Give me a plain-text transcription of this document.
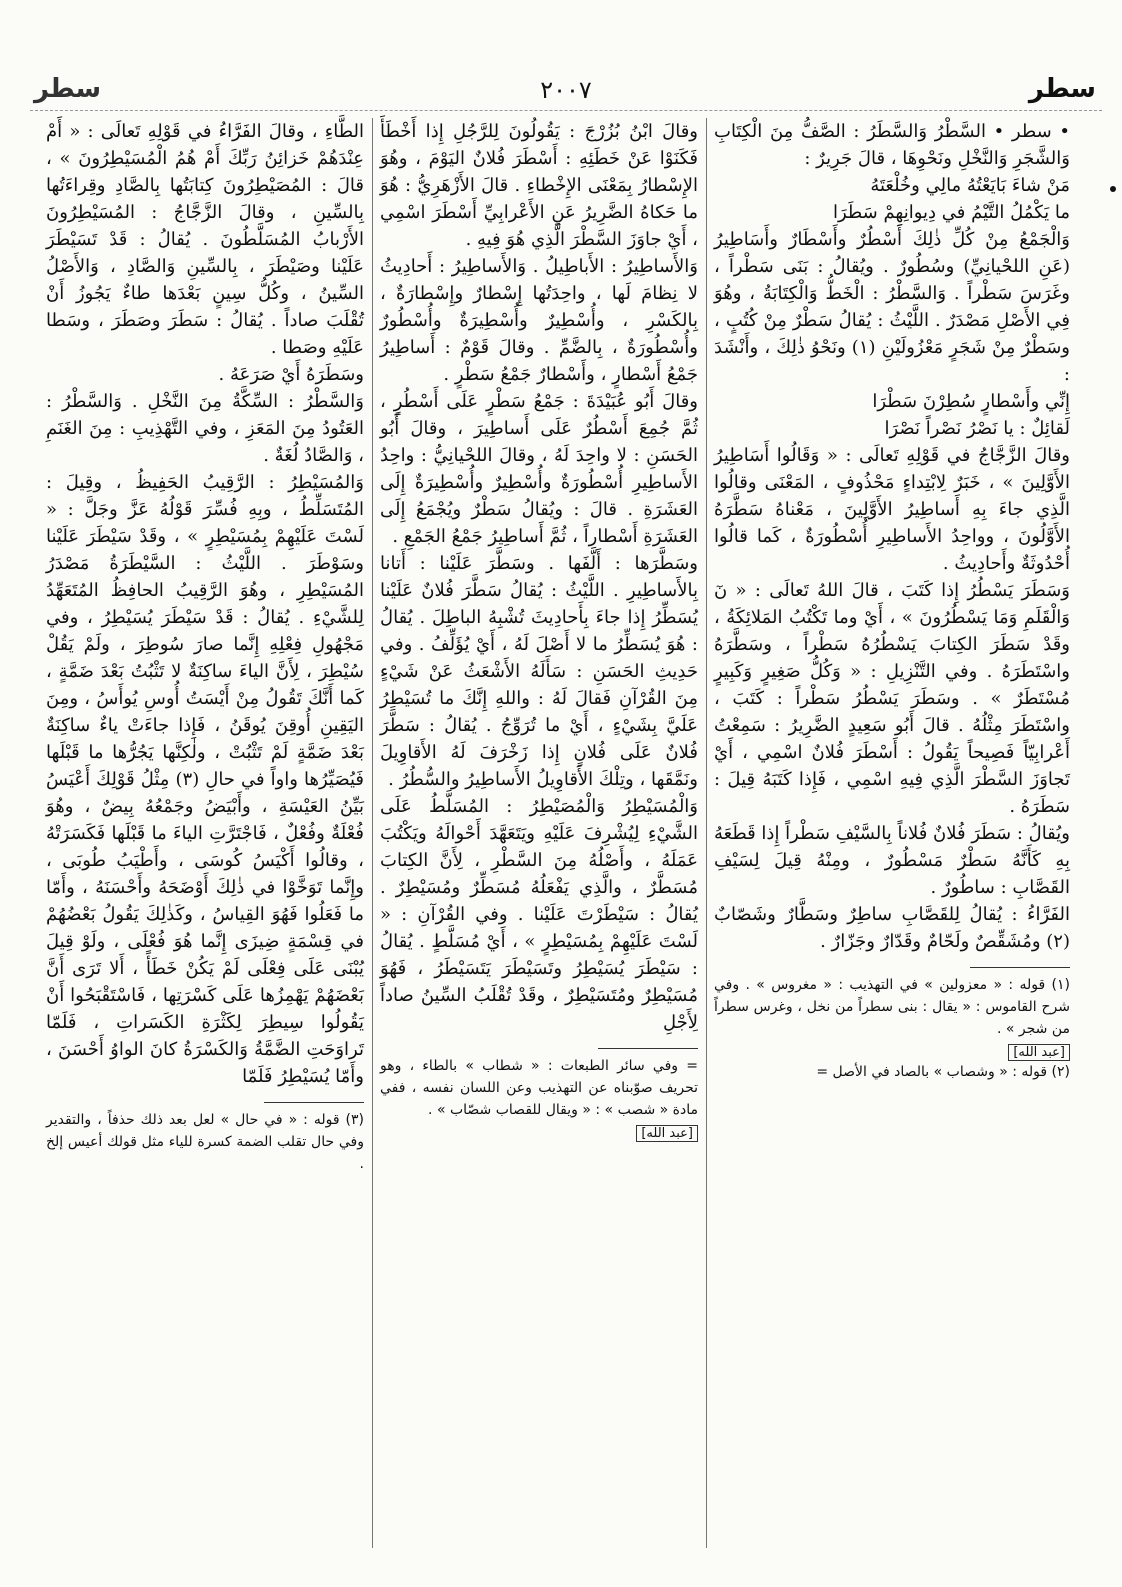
سطر
٢٠٠٧
سطر

• سطر • السَّطْرُ وَالسَّطَرُ : الصَّفُّ مِنَ الْكِتَابِ وَالشَّجَرِ وَالنَّخْلِ ونَحْوِهَا ، قالَ جَرِيرٌ :
مَنْ شاءَ بَايَعْتُهُ مالِي وخُلْعَتَهُ
ما يَكْمُلُ التَّيْمُ في دِيوانِهِمْ سَطَرَا
وَالْجَمْعُ مِنْ كُلِّ ذٰلِكَ أَسْطُرٌ وأَسْطَارٌ وأَسَاطِيرُ (عَنِ اللحْيانِيِّ) وسُطُورٌ . ويُقالُ : بَنَى سَطْراً ، وغَرَسَ سَطْراً . وَالسَّطْرُ : الْخَطُّ وَالْكِتَابَةُ ، وهُوَ فِي الأَصْلِ مَصْدَرٌ . اللَّيْثُ : يُقالُ سَطْرٌ مِنْ كُتُبٍ ، وسَطْرٌ مِنْ شَجَرٍ مَعْزُولَيْنِ (١) ونَحْوُ ذٰلِكَ ، وأَنْشَدَ :
إِنِّي وأَسْطارٍ سُطِرْنَ سَطْرَا
لَقائِلٌ : يا نَصْرُ نَصْراً نَصْرَا
وقالَ الزَّجَّاجُ في قَوْلِهِ تَعالَى : « وَقَالُوا أَسَاطِيرُ الأَوَّلِينَ » ، خَبَرٌ لِابْتِداءٍ مَحْذُوفٍ ، المَعْنَى وقالُوا الَّذِي جاءَ بِهِ أَساطِيرُ الأَوَّلِينَ ، مَعْناهُ سَطَّرَهُ الأَوَّلُونَ ، وواحِدُ الأَساطِيرِ أُسْطُورَةٌ ، كَما قالُوا أُحْدُوثَةٌ وأَحادِيثُ .
وَسَطَرَ يَسْطُرُ إِذا كَتَبَ ، قالَ اللهُ تَعالَى : « نٓ وَالْقَلَمِ وَمَا يَسْطُرُونَ » ، أَيْ وما تَكْتُبُ المَلائِكَةُ ، وقَدْ سَطَرَ الكِتابَ يَسْطُرُهُ سَطْراً ، وسَطَّرَهُ واسْتَطَرَهُ . وفي التَّنْزِيلِ : « وَكُلُّ صَغِيرٍ وَكَبِيرٍ مُسْتَطَرٌ » . وسَطَرَ يَسْطُرُ سَطْراً : كَتَبَ ، واسْتَطَرَ مِثْلُهُ . قالَ أَبُو سَعِيدٍ الضَّرِيرُ : سَمِعْتُ أَعْرابِيّاً فَصِيحاً يَقُولُ : أَسْطَرَ فُلانٌ اسْمِي ، أَيْ تَجاوَزَ السَّطْرَ الَّذِي فِيهِ اسْمِي ، فَإِذا كَتَبَهُ قِيلَ : سَطَرَهُ .
ويُقالُ : سَطَرَ فُلانٌ فُلاناً بِالسَّيْفِ سَطْراً إِذا قَطَعَهُ بِهِ كَأَنَّهُ سَطْرٌ مَسْطُورٌ ، ومِنْهُ قِيلَ لِسَيْفِ القَصَّابِ : ساطُورٌ .
الفَرَّاءُ : يُقالُ لِلقَصَّابِ ساطِرٌ وسَطَّارٌ وشَصّابٌ (٢) ومُشَقِّصٌ ولَحّامٌ وقَدّارٌ وجَزّارٌ .

(١) قوله : « معزولين » في التهذيب : « مغروس » . وفي شرح القاموس : « يقال : بنى سطراً من نخل ، وغرس سطراً من شجر » .

[عبد الله]

(٢) قوله : « وشصاب » بالصاد في الأصل =

وقالَ ابْنُ بُزُرْجَ : يَقُولُونَ لِلرَّجُلِ إِذا أَخْطَأَ فَكَنَوْا عَنْ خَطَئِهِ : أَسْطَرَ فُلانٌ اليَوْمَ ، وهُوَ الإِسْطارُ بِمَعْنَى الإِخْطاءِ . قالَ الأَزْهَرِيُّ : هُوَ ما حَكاهُ الضَّرِيرُ عَنِ الأَعْرابِيِّ أَسْطَرَ اسْمِي ، أَيْ جاوَزَ السَّطْرَ الَّذِي هُوَ فِيهِ .
وَالأَساطِيرُ : الأَباطِيلُ . وَالأَساطِيرُ : أَحادِيثُ لا نِظامَ لَها ، واحِدَتُها إِسْطارٌ وإِسْطارَةٌ ، بِالكَسْرِ ، وأُسْطِيرٌ وأُسْطِيرَةٌ وأُسْطُورٌ وأُسْطُورَةٌ ، بِالضَّمِّ . وقالَ قَوْمٌ : أَساطِيرُ جَمْعُ أَسْطارٍ ، وأَسْطارٌ جَمْعُ سَطْرٍ .
وقالَ أَبُو عُبَيْدَةَ : جَمْعُ سَطْرٍ عَلَى أَسْطُرٍ ، ثُمَّ جُمِعَ أَسْطُرٌ عَلَى أَساطِيرَ ، وقالَ أَبُو الحَسَنِ : لا واحِدَ لَهُ ، وقالَ اللحْيانِيُّ : واحِدُ الأَساطِيرِ أُسْطُورَةٌ وأُسْطِيرٌ وأُسْطِيرَةٌ إِلَى العَشَرَةِ . قالَ : ويُقالُ سَطْرٌ ويُجْمَعُ إِلَى العَشَرَةِ أَسْطاراً ، ثُمَّ أَساطِيرُ جَمْعُ الجَمْعِ .
وسَطَّرَها : أَلَّفَها . وسَطَّرَ عَلَيْنا : أَتانا بِالأَساطِيرِ . اللَّيْثُ : يُقالُ سَطَّرَ فُلانٌ عَلَيْنا يُسَطِّرُ إِذا جاءَ بِأَحادِيثَ تُشْبِهُ الباطِلَ . يُقالُ : هُوَ يُسَطِّرُ ما لا أَصْلَ لَهُ ، أَيْ يُؤَلِّفُ . وفي حَدِيثِ الحَسَنِ : سَأَلَهُ الأَشْعَثُ عَنْ شَيْءٍ مِنَ القُرْآنِ فَقالَ لَهُ : واللهِ إِنَّكَ ما تُسَيْطِرُ عَلَيَّ بِشَيْءٍ ، أَيْ ما تُرَوِّجُ . يُقالُ : سَطَّرَ فُلانٌ عَلَى فُلانٍ إِذا زَخْرَفَ لَهُ الأَقاوِيلَ ونَمَّقَها ، وتِلْكَ الأَقاوِيلُ الأَساطِيرُ والسُّطُرُ .
وَالْمُسَيْطِرُ وَالْمُصَيْطِرُ : المُسَلَّطُ عَلَى الشَّيْءِ لِيُشْرِفَ عَلَيْهِ ويَتَعَهَّدَ أَحْوالَهُ ويَكْتُبَ عَمَلَهُ ، وأَصْلُهُ مِنَ السَّطْرِ ، لِأَنَّ الكِتابَ مُسَطَّرٌ ، والَّذِي يَفْعَلُهُ مُسَطِّرٌ ومُسَيْطِرٌ . يُقالُ : سَيْطَرْتَ عَلَيْنا . وفي القُرْآنِ : « لَسْتَ عَلَيْهِمْ بِمُسَيْطِرٍ » ، أَيْ مُسَلَّطٍ . يُقالُ : سَيْطَرَ يُسَيْطِرُ وتَسَيْطَرَ يَتَسَيْطَرُ ، فَهُوَ مُسَيْطِرٌ ومُتَسَيْطِرٌ ، وقَدْ تُقْلَبُ السِّينُ صاداً لِأَجْلِ

= وفي سائر الطبعات : « شطاب » بالطاء ، وهو تحريف صوّبناه عن التهذيب وعن اللسان نفسه ، ففي مادة « شصب » : « ويقال للقصاب شصّاب » .

[عبد الله]

الطَّاءِ ، وقالَ الفَرَّاءُ في قَوْلِهِ تَعالَى : « أَمْ عِنْدَهُمْ خَزائِنُ رَبِّكَ أَمْ هُمُ الْمُسَيْطِرُونَ » ، قالَ : المُصَيْطِرُونَ كِتابَتُها بِالصَّادِ وقِراءَتُها بِالسِّينِ ، وقالَ الزَّجَّاجُ : المُسَيْطِرُونَ الأَرْبابُ المُسَلَّطُونَ . يُقالُ : قَدْ تَسَيْطَرَ عَلَيْنا وصَيْطَرَ ، بِالسِّينِ وَالصَّادِ ، وَالأَصْلُ السِّينُ ، وكُلُّ سِينٍ بَعْدَها طاءٌ يَجُوزُ أَنْ تُقْلَبَ صاداً . يُقالُ : سَطَرَ وصَطَرَ ، وسَطا عَلَيْهِ وصَطا .
وسَطَرَهُ أَيْ صَرَعَهُ .
وَالسَّطْرُ : السِّكَّةُ مِنَ النَّخْلِ . وَالسَّطْرُ : العَتُودُ مِنَ المَعَزِ ، وفي التَّهْذِيبِ : مِنَ الغَنَمِ ، وَالصَّادُ لُغَةٌ .
وَالمُسَيْطِرُ : الرَّقِيبُ الحَفِيظُ ، وقِيلَ : المُتَسَلِّطُ ، وبِهِ فُسِّرَ قَوْلُهُ عَزَّ وجَلَّ : « لَسْتَ عَلَيْهِمْ بِمُسَيْطِرٍ » ، وقَدْ سَيْطَرَ عَلَيْنا وسَوْطَرَ . اللَّيْثُ : السَّيْطَرَةُ مَصْدَرُ المُسَيْطِرِ ، وهُوَ الرَّقِيبُ الحافِظُ المُتَعَهِّدُ لِلشَّيْءِ . يُقالُ : قَدْ سَيْطَرَ يُسَيْطِرُ ، وفي مَجْهُولِ فِعْلِهِ إِنَّما صارَ سُوطِرَ ، ولَمْ يَقُلْ سُيْطِرَ ، لِأَنَّ الياءَ ساكِنَةٌ لا تَثْبُتُ بَعْدَ ضَمَّةٍ ، كَما أَنَّكَ تَقُولُ مِنْ أَيْسَتُ أُوسِ يُوأَسُ ، ومِنَ اليَقِينِ أُوقِنَ يُوقَنُ ، فَإِذا جاءَتْ ياءٌ ساكِنَةٌ بَعْدَ ضَمَّةٍ لَمْ تَثْبُتْ ، ولٰكِنَّها يَجُرُّها ما قَبْلَها فَيُصَيِّرُها واواً في حالِ (٣) مِثْلُ قَوْلِكَ أَعْيَسُ بَيِّنُ العَيْسَةِ ، وأَبْيَضُ وجَمْعُهُ بِيضٌ ، وهُوَ فُعْلَةٌ وفُعْلٌ ، فَاجْتَرَّتِ الياءَ ما قَبْلَها فَكَسَرَتْهُ ، وقالُوا أَكْيَسُ كُوسَى ، وأَطْيَبُ طُوبَى ، وإِنَّما تَوَخَّوْا في ذٰلِكَ أَوْضَحَهُ وأَحْسَنَهُ ، وأَمّا ما فَعَلُوا فَهُوَ القِياسُ ، وكَذٰلِكَ يَقُولُ بَعْضُهُمْ في قِسْمَةٍ ضِيزَى إِنَّما هُوَ فُعْلَى ، ولَوْ قِيلَ يُبْنَى عَلَى فِعْلَى لَمْ يَكُنْ خَطَأً ، أَلا تَرَى أَنَّ بَعْضَهُمْ يَهْمِزُها عَلَى كَسْرَتِها ، فَاسْتَقْبَحُوا أَنْ يَقُولُوا سِيطِرَ لِكَثْرَةِ الكَسَراتِ ، فَلَمّا تَراوَحَتِ الضَّمَّةُ وَالكَسْرَةُ كانَ الواوُ أَحْسَنَ ، وأَمّا يُسَيْطِرُ فَلَمّا

(٣) قوله : « في حال » لعل بعد ذلك حذفاً ، والتقدير وفي حال تقلب الضمة كسرة للياء مثل قولك أعيس إلخ .
